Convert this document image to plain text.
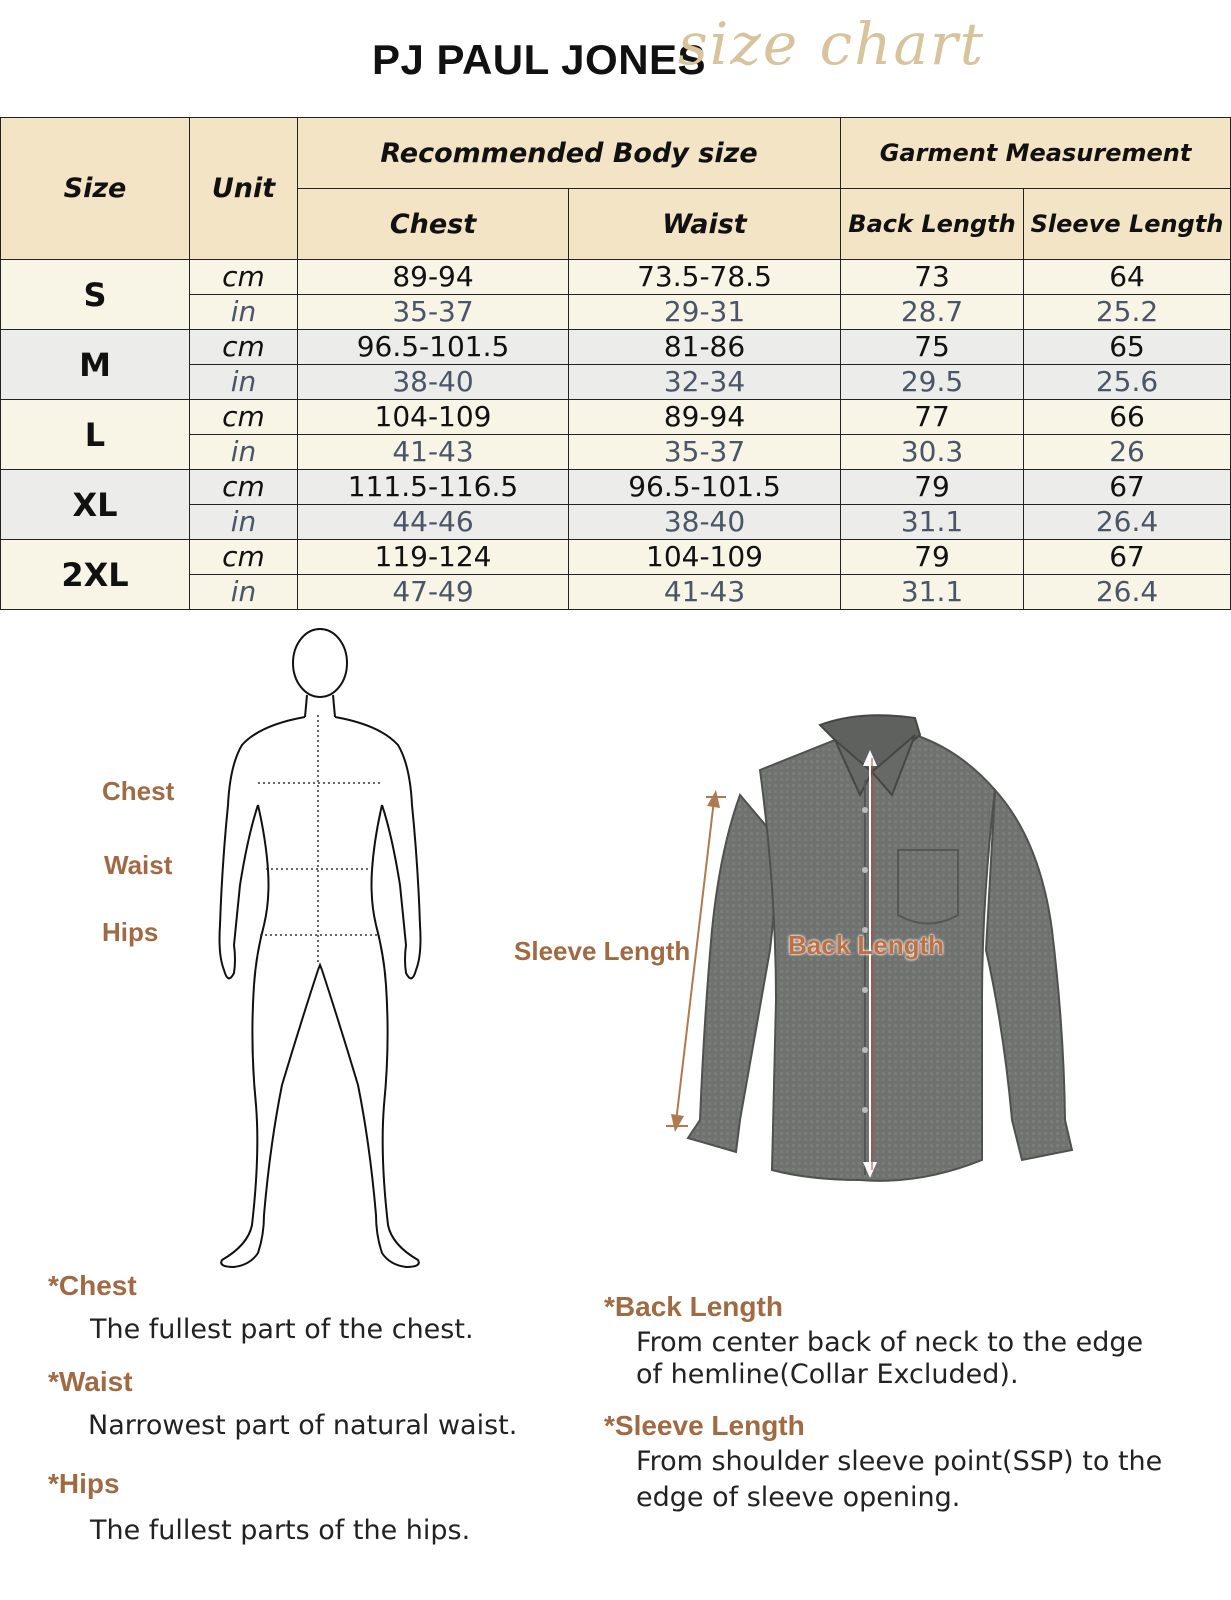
PJ PAUL JONES
size chart
Size	Unit	Recommended Body size		Garment Measurement	
		Chest	Waist	Back Length	Sleeve Length
S	cm	89-94	73.5-78.5	73	64
	in	35-37	29-31	28.7	25.2
M	cm	96.5-101.5	81-86	75	65
	in	38-40	32-34	29.5	25.6
L	cm	104-109	89-94	77	66
	in	41-43	35-37	30.3	26
XL	cm	111.5-116.5	96.5-101.5	79	67
	in	44-46	38-40	31.1	26.4
2XL	cm	119-124	104-109	79	67
	in	47-49	41-43	31.1	26.4
Chest
Waist
Hips
Sleeve Length	Back Length
*Chest
The fullest part of the chest.
*Waist
Narrowest part of natural waist.
*Hips
The fullest parts of the hips.
*Back Length
From center back of neck to the edge
of hemline(Collar Excluded).
*Sleeve Length
From shoulder sleeve point(SSP) to the
edge of sleeve opening.
